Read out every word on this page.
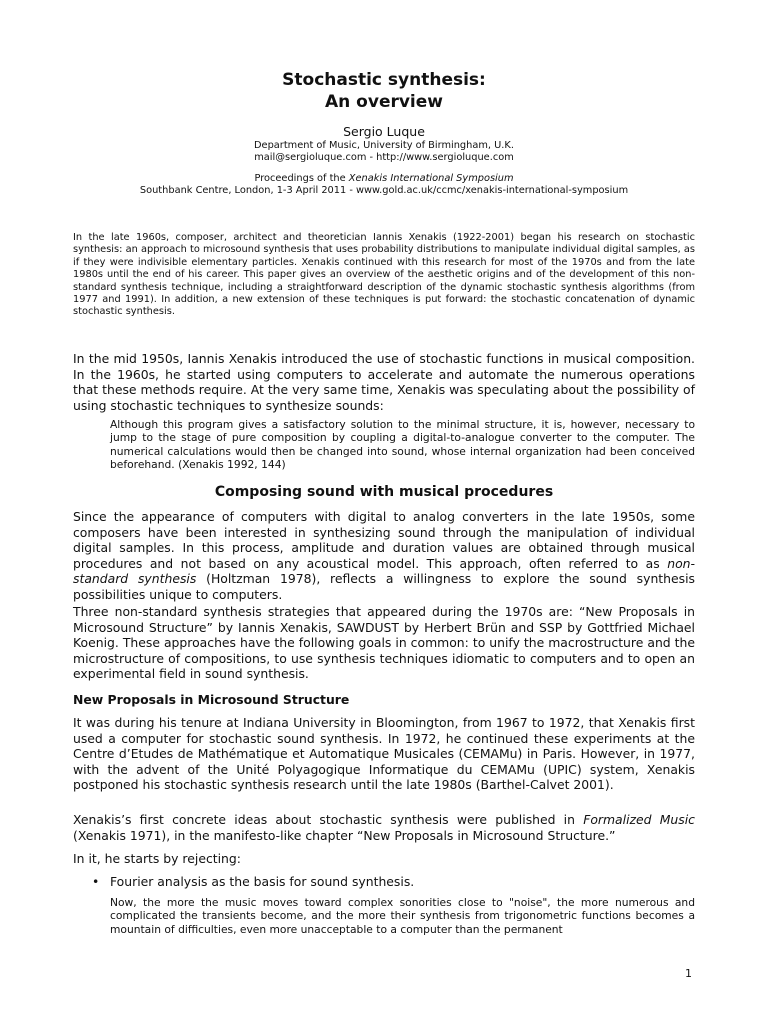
Stochastic synthesis:
An overview
Sergio Luque
Department of Music, University of Birmingham, U.K.
mail@sergioluque.com - http://www.sergioluque.com
Proceedings of the Xenakis International Symposium
Southbank Centre, London, 1-3 April 2011 - www.gold.ac.uk/ccmc/xenakis-international-symposium
In the late 1960s, composer, architect and theoretician Iannis Xenakis (1922-2001) began his research on stochastic synthesis: an approach to microsound synthesis that uses probability distributions to manipulate individual digital samples, as if they were indivisible elementary particles. Xenakis continued with this research for most of the 1970s and from the late 1980s until the end of his career. This paper gives an overview of the aesthetic origins and of the development of this non-standard synthesis technique, including a straightforward description of the dynamic stochastic synthesis algorithms (from 1977 and 1991). In addition, a new extension of these techniques is put forward: the stochastic concatenation of dynamic stochastic synthesis.
In the mid 1950s, Iannis Xenakis introduced the use of stochastic functions in musical composition. In the 1960s, he started using computers to accelerate and automate the numerous operations that these methods require. At the very same time, Xenakis was speculating about the possibility of using stochastic techniques to synthesize sounds:
Although this program gives a satisfactory solution to the minimal structure, it is, however, necessary to jump to the stage of pure composition by coupling a digital-to-analogue converter to the computer. The numerical calculations would then be changed into sound, whose internal organization had been conceived beforehand. (Xenakis 1992, 144)
Composing sound with musical procedures
Since the appearance of computers with digital to analog converters in the late 1950s, some composers have been interested in synthesizing sound through the manipulation of individual digital samples. In this process, amplitude and duration values are obtained through musical procedures and not based on any acoustical model. This approach, often referred to as non-standard synthesis (Holtzman 1978), reflects a willingness to explore the sound synthesis possibilities unique to computers.
Three non-standard synthesis strategies that appeared during the 1970s are: “New Proposals in Microsound Structure” by Iannis Xenakis, SAWDUST by Herbert Brün and SSP by Gottfried Michael Koenig. These approaches have the following goals in common: to unify the macrostructure and the microstructure of compositions, to use synthesis techniques idiomatic to computers and to open an experimental field in sound synthesis.
New Proposals in Microsound Structure
It was during his tenure at Indiana University in Bloomington, from 1967 to 1972, that Xenakis first used a computer for stochastic sound synthesis. In 1972, he continued these experiments at the Centre d’Etudes de Mathématique et Automatique Musicales (CEMAMu) in Paris. However, in 1977, with the advent of the Unité Polyagogique Informatique du CEMAMu (UPIC) system, Xenakis postponed his stochastic synthesis research until the late 1980s (Barthel-Calvet 2001).
Xenakis’s first concrete ideas about stochastic synthesis were published in Formalized Music (Xenakis 1971), in the manifesto-like chapter “New Proposals in Microsound Structure.”
In it, he starts by rejecting:
• Fourier analysis as the basis for sound synthesis.
Now, the more the music moves toward complex sonorities close to "noise", the more numerous and complicated the transients become, and the more their synthesis from trigonometric functions becomes a mountain of difficulties, even more unacceptable to a computer than the permanent
1
